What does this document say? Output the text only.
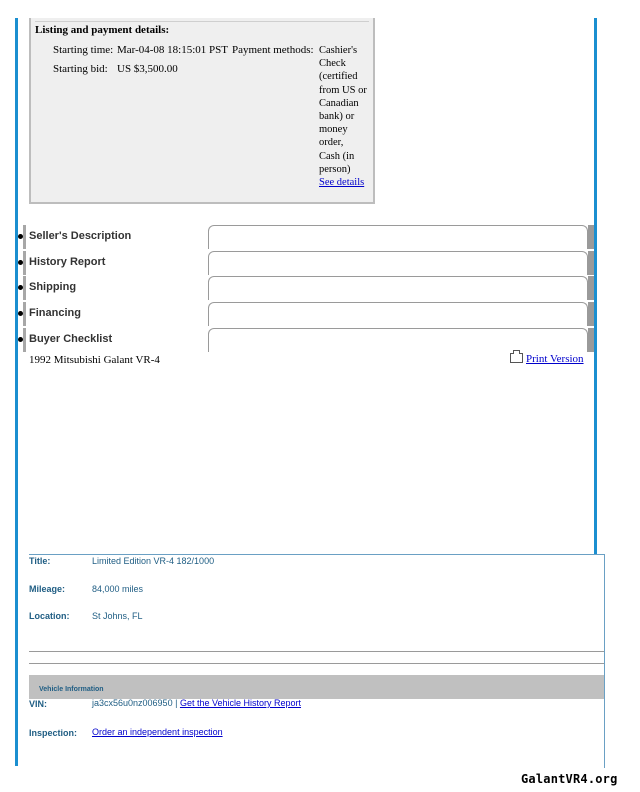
Listing and payment details:
Starting time: Mar-04-08 18:15:01 PST
Starting bid: US $3,500.00
Payment methods: Cashier's
Check
(certified
from US or
Canadian
bank) or
money
order,
Cash (in
person)
See details
Seller's Description
History Report
Shipping
Financing
Buyer Checklist
1992 Mitsubishi Galant VR-4	Print Version
Title:	Limited Edition VR-4 182/1000
Mileage:	84,000 miles
Location:	St Johns, FL
Vehicle Information
VIN:	ja3cx56u0nz006950 | Get the Vehicle History Report
Inspection: Order an independent inspection
GalantVR4.org
